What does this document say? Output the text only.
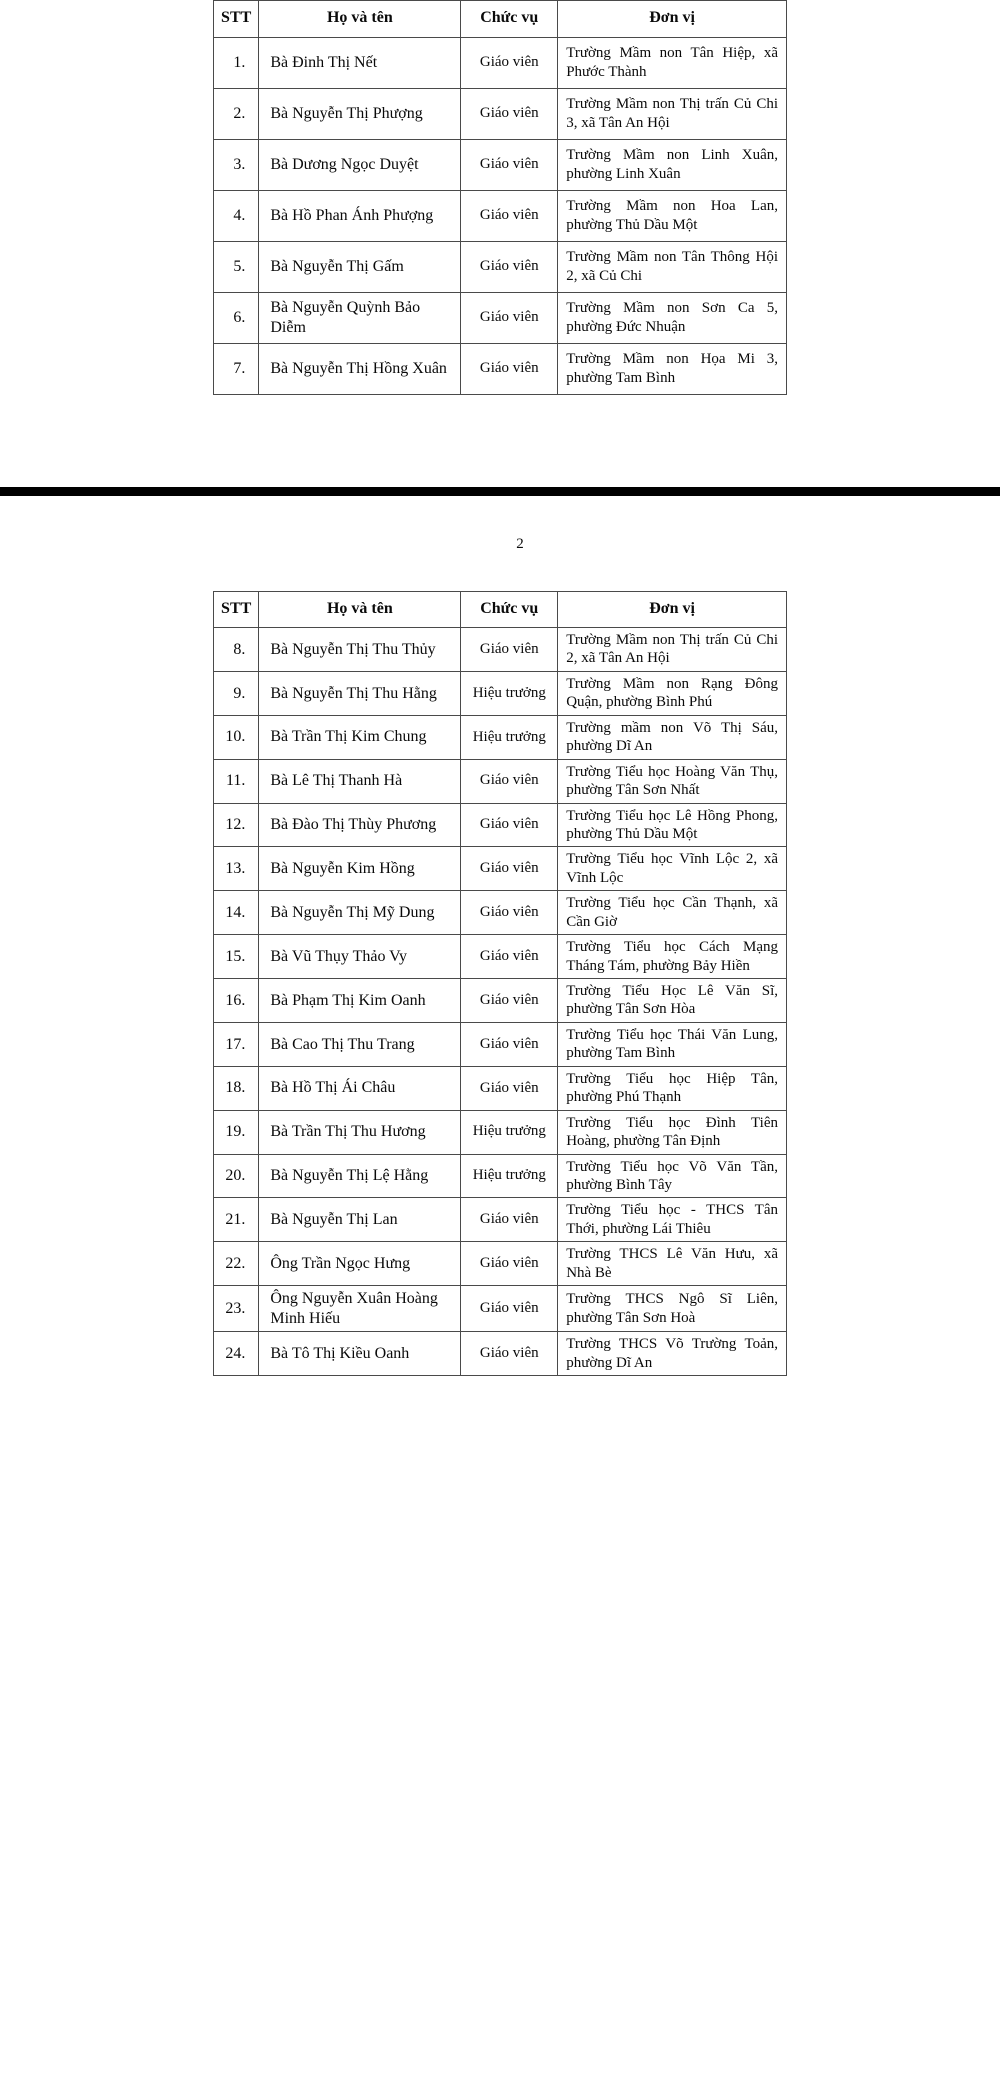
STT	Họ và tên	Chức vụ	Đơn vị
1.	Bà Đinh Thị Nết	Giáo viên	Trường Mầm non Tân Hiệp, xã Phước Thành
2.	Bà Nguyễn Thị Phượng	Giáo viên	Trường Mầm non Thị trấn Củ Chi 3, xã Tân An Hội
3.	Bà Dương Ngọc Duyệt	Giáo viên	Trường Mầm non Linh Xuân, phường Linh Xuân
4.	Bà Hồ Phan Ánh Phượng	Giáo viên	Trường Mầm non Hoa Lan, phường Thủ Dầu Một
5.	Bà Nguyễn Thị Gấm	Giáo viên	Trường Mầm non Tân Thông Hội 2, xã Củ Chi
6.	Bà Nguyễn Quỳnh Bảo Diễm	Giáo viên	Trường Mầm non Sơn Ca 5, phường Đức Nhuận
7.	Bà Nguyễn Thị Hồng Xuân	Giáo viên	Trường Mầm non Họa Mi 3, phường Tam Bình
2
STT	Họ và tên	Chức vụ	Đơn vị
8.	Bà Nguyễn Thị Thu Thủy	Giáo viên	Trường Mầm non Thị trấn Củ Chi 2, xã Tân An Hội
9.	Bà Nguyễn Thị Thu Hằng	Hiệu trưởng	Trường Mầm non Rạng Đông Quận, phường Bình Phú
10.	Bà Trần Thị Kim Chung	Hiệu trưởng	Trường mầm non Võ Thị Sáu, phường Dĩ An
11.	Bà Lê Thị Thanh Hà	Giáo viên	Trường Tiểu học Hoàng Văn Thụ, phường Tân Sơn Nhất
12.	Bà Đào Thị Thùy Phương	Giáo viên	Trường Tiểu học Lê Hồng Phong, phường Thủ Dầu Một
13.	Bà Nguyễn Kim Hồng	Giáo viên	Trường Tiểu học Vĩnh Lộc 2, xã Vĩnh Lộc
14.	Bà Nguyễn Thị Mỹ Dung	Giáo viên	Trường Tiểu học Cần Thạnh, xã Cần Giờ
15.	Bà Vũ Thụy Thảo Vy	Giáo viên	Trường Tiểu học Cách Mạng Tháng Tám, phường Bảy Hiền
16.	Bà Phạm Thị Kim Oanh	Giáo viên	Trường Tiểu Học Lê Văn Sĩ, phường Tân Sơn Hòa
17.	Bà Cao Thị Thu Trang	Giáo viên	Trường Tiểu học Thái Văn Lung, phường Tam Bình
18.	Bà Hồ Thị Ái Châu	Giáo viên	Trường Tiểu học Hiệp Tân, phường Phú Thạnh
19.	Bà Trần Thị Thu Hương	Hiệu trưởng	Trường Tiểu học Đình Tiên Hoàng, phường Tân Định
20.	Bà Nguyễn Thị Lệ Hằng	Hiệu trưởng	Trường Tiểu học Võ Văn Tần, phường Bình Tây
21.	Bà Nguyễn Thị Lan	Giáo viên	Trường Tiểu học - THCS Tân Thới, phường Lái Thiêu
22.	Ông Trần Ngọc Hưng	Giáo viên	Trường THCS Lê Văn Hưu, xã Nhà Bè
23.	Ông Nguyễn Xuân Hoàng Minh Hiếu	Giáo viên	Trường THCS Ngô Sĩ Liên, phường Tân Sơn Hoà
24.	Bà Tô Thị Kiều Oanh	Giáo viên	Trường THCS Võ Trường Toản, phường Dĩ An
